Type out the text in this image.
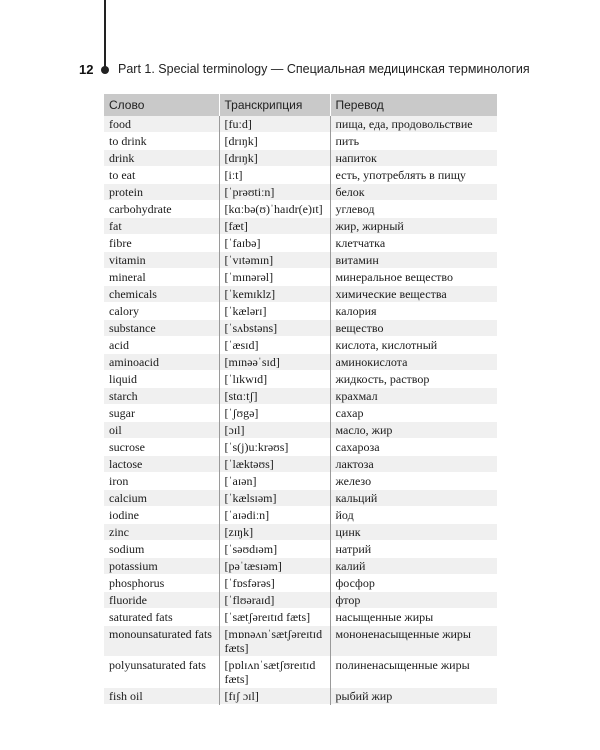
12 Part 1. Special terminology — Специальная медицинская терминология
Слово	Транскрипция	Перевод
food	[fuːd]	пища, еда, продовольствие
to drink	[drɪŋk]	пить
drink	[drɪŋk]	напиток
to eat	[iːt]	есть, употреблять в пищу
protein	[ˈprəʊtiːn]	белок
carbohydrate	[kɑːbə(ʊ)ˈhaɪdr(e)ɪt]	углевод
fat	[fæt]	жир, жирный
fibre	[ˈfaɪbə]	клетчатка
vitamin	[ˈvɪtəmɪn]	витамин
mineral	[ˈmɪnərəl]	минеральное вещество
chemicals	[ˈkemɪklz]	химические вещества
calory	[ˈkælərɪ]	калория
substance	[ˈsʌbstəns]	вещество
acid	[ˈæsɪd]	кислота, кислотный
aminoacid	[mɪnəəˈsɪd]	аминокислота
liquid	[ˈlɪkwɪd]	жидкость, раствор
starch	[stɑːtʃ]	крахмал
sugar	[ˈʃʊgə]	сахар
oil	[ɔɪl]	масло, жир
sucrose	[ˈs(j)uːkrəʊs]	сахароза
lactose	[ˈlæktəʊs]	лактоза
iron	[ˈaɪən]	железо
calcium	[ˈkælsɪəm]	кальций
iodine	[ˈaɪədiːn]	йод
zinc	[zɪŋk]	цинк
sodium	[ˈsəʊdɪəm]	натрий
potassium	[pəˈtæsɪəm]	калий
phosphorus	[ˈfɒsfərəs]	фосфор
fluoride	[ˈflʊəraɪd]	фтор
saturated fats	[ˈsætʃərеɪtɪd fæts]	насыщенные жиры
monounsaturated fats	[mɒnəʌnˈsætʃərеɪtɪd fæts]	мононенасыщенные жиры
polyunsaturated fats	[pɒlɪʌnˈsætʃʊreɪtɪd fæts]	полиненасыщенные жиры
fish oil	[fɪʃ ɔɪl]	рыбий жир
